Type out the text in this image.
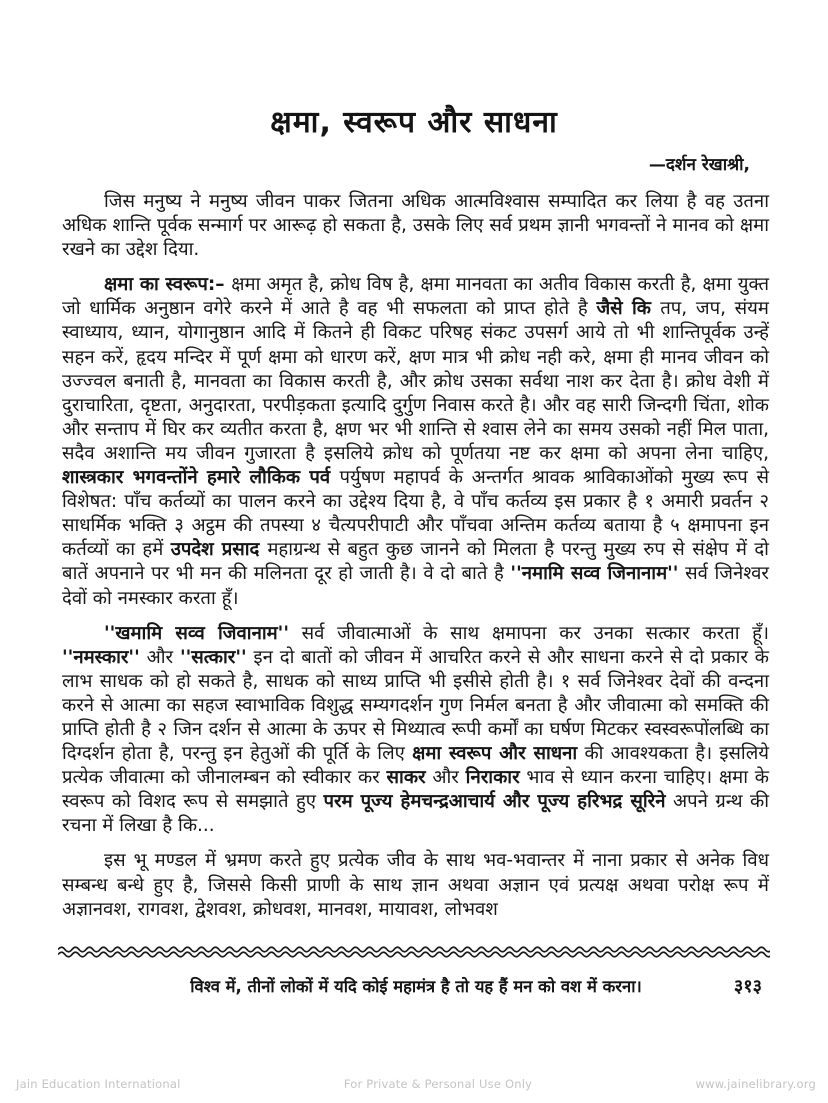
क्षमा, स्वरूप और साधना
—दर्शन रेखाश्री,

जिस मनुष्य ने मनुष्य जीवन पाकर जितना अधिक आत्मविश्वास सम्पादित कर लिया है वह उतना अधिक शान्ति पूर्वक सन्मार्ग पर आरूढ़ हो सकता है, उसके लिए सर्व प्रथम ज्ञानी भगवन्तों ने मानव को क्षमा रखने का उद्देश दिया.

क्षमा का स्वरूप:– क्षमा अमृत है, क्रोध विष है, क्षमा मानवता का अतीव विकास करती है, क्षमा युक्त जो धार्मिक अनुष्ठान वगेरे करने में आते है वह भी सफलता को प्राप्त होते है जैसे कि तप, जप, संयम स्वाध्याय, ध्यान, योगानुष्ठान आदि में कितने ही विकट परिषह संकट उपसर्ग आये तो भी शान्तिपूर्वक उन्हें सहन करें, हृदय मन्दिर में पूर्ण क्षमा को धारण करें, क्षण मात्र भी क्रोध नही करे, क्षमा ही मानव जीवन को उज्ज्वल बनाती है, मानवता का विकास करती है, और क्रोध उसका सर्वथा नाश कर देता है। क्रोध वेशी में दुराचारिता, दृष्टता, अनुदारता, परपीड़कता इत्यादि दुर्गुण निवास करते है। और वह सारी जिन्दगी चिंता, शोक और सन्ताप में घिर कर व्यतीत करता है, क्षण भर भी शान्ति से श्वास लेने का समय उसको नहीं मिल पाता, सदैव अशान्ति मय जीवन गुजारता है इसलिये क्रोध को पूर्णतया नष्ट कर क्षमा को अपना लेना चाहिए, शास्त्रकार भगवन्तोंने हमारे लौकिक पर्व पर्युषण महापर्व के अन्तर्गत श्रावक श्राविकाओंको मुख्य रूप से विशेषत: पाँच कर्तव्यों का पालन करने का उद्देश्य दिया है, वे पाँच कर्तव्य इस प्रकार है १ अमारी प्रवर्तन २ साधर्मिक भक्ति ३ अट्ठम की तपस्या ४ चैत्यपरीपाटी और पाँचवा अन्तिम कर्तव्य बताया है ५ क्षमापना इन कर्तव्यों का हमें उपदेश प्रसाद महाग्रन्थ से बहुत कुछ जानने को मिलता है परन्तु मुख्य रुप से संक्षेप में दो बातें अपनाने पर भी मन की मलिनता दूर हो जाती है। वे दो बाते है ''नमामि सव्व जिनानाम'' सर्व जिनेश्वर देवों को नमस्कार करता हूँ।

''खमामि सव्व जिवानाम'' सर्व जीवात्माओं के साथ क्षमापना कर उनका सत्कार करता हूँ। ''नमस्कार'' और ''सत्कार'' इन दो बातों को जीवन में आचरित करने से और साधना करने से दो प्रकार के लाभ साधक को हो सकते है, साधक को साध्य प्राप्ति भी इसीसे होती है। १ सर्व जिनेश्वर देवों की वन्दना करने से आत्मा का सहज स्वाभाविक विशुद्ध सम्यगदर्शन गुण निर्मल बनता है और जीवात्मा को समक्ति की प्राप्ति होती है २ जिन दर्शन से आत्मा के ऊपर से मिथ्यात्व रूपी कर्मों का घर्षण मिटकर स्वस्वरूपोंलब्धि का दिग्दर्शन होता है, परन्तु इन हेतुओं की पूर्ति के लिए क्षमा स्वरूप और साधना की आवश्यकता है। इसलिये प्रत्येक जीवात्मा को जीनालम्बन को स्वीकार कर साकर और निराकार भाव से ध्यान करना चाहिए। क्षमा के स्वरूप को विशद रूप से समझाते हुए परम पूज्य हेमचन्द्रआचार्य और पूज्य हरिभद्र सूरिने अपने ग्रन्थ की रचना में लिखा है कि...

इस भू मण्डल में भ्रमण करते हुए प्रत्येक जीव के साथ भव-भवान्तर में नाना प्रकार से अनेक विध सम्बन्ध बन्धे हुए है, जिससे किसी प्राणी के साथ ज्ञान अथवा अज्ञान एवं प्रत्यक्ष अथवा परोक्ष रूप में अज्ञानवश, रागवश, द्वेशवश, क्रोधवश, मानवश, मायावश, लोभवश

विश्व में, तीनों लोकों में यदि कोई महामंत्र है तो यह हैं मन को वश में करना।	३१३
Jain Education International	For Private & Personal Use Only	www.jainelibrary.org
